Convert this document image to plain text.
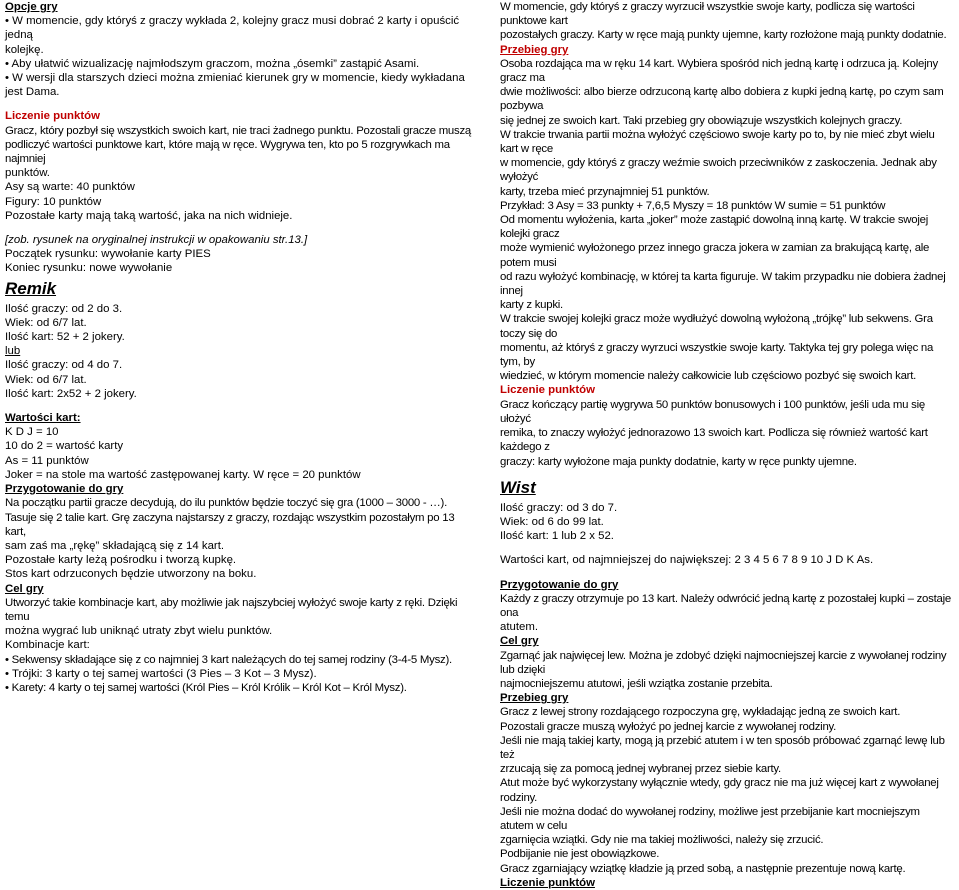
Opcje gry

• W momencie, gdy któryś z graczy wykłada 2, kolejny gracz musi dobrać 2 karty i opuścić jedną

kolejkę.

• Aby ułatwić wizualizację najmłodszym graczom, można „ósemki” zastąpić Asami.

• W wersji dla starszych dzieci można zmieniać kierunek gry w momencie, kiedy wykładana jest Dama.

Liczenie punktów

Gracz, który pozbył się wszystkich swoich kart, nie traci żadnego punktu. Pozostali gracze muszą

podliczyć wartości punktowe kart, które mają w ręce. Wygrywa ten, kto po 5 rozgrywkach ma najmniej

punktów.

Asy są warte: 40 punktów

Figury: 10 punktów

Pozostałe karty mają taką wartość, jaka na nich widnieje.

[zob. rysunek na oryginalnej instrukcji w opakowaniu str.13.]

Początek rysunku: wywołanie karty PIES

Koniec rysunku: nowe wywołanie

Remik

Ilość graczy: od 2 do 3.

Wiek: od 6/7 lat.

Ilość kart: 52 + 2 jokery.

lub

Ilość graczy: od 4 do 7.

Wiek: od 6/7 lat.

Ilość kart: 2x52 + 2 jokery.

Wartości kart:

K D J = 10

10 do 2 = wartość karty

As = 11 punktów

Joker = na stole ma wartość zastępowanej karty. W ręce = 20 punktów

Przygotowanie do gry

Na początku partii gracze decydują, do ilu punktów będzie toczyć się gra (1000 – 3000 - …).

Tasuje się 2 talie kart. Grę zaczyna najstarszy z graczy, rozdając wszystkim pozostałym po 13 kart,

sam zaś ma „rękę” składającą się z 14 kart.

Pozostałe karty leżą pośrodku i tworzą kupkę.

Stos kart odrzuconych będzie utworzony na boku.

Cel gry

Utworzyć takie kombinacje kart, aby możliwie jak najszybciej wyłożyć swoje karty z ręki. Dzięki temu

można wygrać lub uniknąć utraty zbyt wielu punktów.

Kombinacje kart:

• Sekwensy składające się z co najmniej 3 kart należących do tej samej rodziny (3-4-5 Mysz).

• Trójki: 3 karty o tej samej wartości (3 Pies – 3 Kot – 3 Mysz).

• Karety: 4 karty o tej samej wartości (Król Pies – Król Królik – Król Kot – Król Mysz).

W momencie, gdy któryś z graczy wyrzucił wszystkie swoje karty, podlicza się wartości punktowe kart

pozostałych graczy. Karty w ręce mają punkty ujemne, karty rozłożone mają punkty dodatnie.

Przebieg gry

Osoba rozdająca ma w ręku 14 kart. Wybiera spośród nich jedną kartę i odrzuca ją. Kolejny gracz ma

dwie możliwości: albo bierze odrzuconą kartę albo dobiera z kupki jedną kartę, po czym sam pozbywa

się jednej ze swoich kart. Taki przebieg gry obowiązuje wszystkich kolejnych graczy.

W trakcie trwania partii można wyłożyć częściowo swoje karty po to, by nie mieć zbyt wielu kart w ręce

w momencie, gdy któryś z graczy weźmie swoich przeciwników z zaskoczenia. Jednak aby wyłożyć

karty, trzeba mieć przynajmniej 51 punktów.

Przykład: 3 Asy = 33 punkty + 7,6,5 Myszy = 18 punktów W sumie = 51 punktów

Od momentu wyłożenia, karta „joker” może zastąpić dowolną inną kartę. W trakcie swojej kolejki gracz

może wymienić wyłożonego przez innego gracza jokera w zamian za brakującą kartę, ale potem musi

od razu wyłożyć kombinację, w której ta karta figuruje. W takim przypadku nie dobiera żadnej innej

karty z kupki.

W trakcie swojej kolejki gracz może wydłużyć dowolną wyłożoną „trójkę” lub sekwens. Gra toczy się do

momentu, aż któryś z graczy wyrzuci wszystkie swoje karty. Taktyka tej gry polega więc na tym, by

wiedzieć, w którym momencie należy całkowicie lub częściowo pozbyć się swoich kart.

Liczenie punktów

Gracz kończący partię wygrywa 50 punktów bonusowych i 100 punktów, jeśli uda mu się ułożyć

remika, to znaczy wyłożyć jednorazowo 13 swoich kart. Podlicza się również wartość kart każdego z

graczy: karty wyłożone maja punkty dodatnie, karty w ręce punkty ujemne.

Wist

Ilość graczy: od 3 do 7.

Wiek: od 6 do 99 lat.

Ilość kart: 1 lub 2 x 52.

Wartości kart, od najmniejszej do największej: 2 3 4 5 6 7 8 9 10 J D K As.

Przygotowanie do gry

Każdy z graczy otrzymuje po 13 kart. Należy odwrócić jedną kartę z pozostałej kupki – zostaje ona

atutem.

Cel gry

Zgarnąć jak najwięcej lew. Można je zdobyć dzięki najmocniejszej karcie z wywołanej rodziny lub dzięki

najmocniejszemu atutowi, jeśli wziątka zostanie przebita.

Przebieg gry

Gracz z lewej strony rozdającego rozpoczyna grę, wykładając jedną ze swoich kart.

Pozostali gracze muszą wyłożyć po jednej karcie z wywołanej rodziny.

Jeśli nie mają takiej karty, mogą ją przebić atutem i w ten sposób próbować zgarnąć lewę lub też

zrzucają się za pomocą jednej wybranej przez siebie karty.

Atut może być wykorzystany wyłącznie wtedy, gdy gracz nie ma już więcej kart z wywołanej rodziny.

Jeśli nie można dodać do wywołanej rodziny, możliwe jest przebijanie kart mocniejszym atutem w celu

zgarnięcia wziątki. Gdy nie ma takiej możliwości, należy się zrzucić.

Podbijanie nie jest obowiązkowe.

Gracz zgarniający wziątkę kładzie ją przed sobą, a następnie prezentuje nową kartę.

Liczenie punktów
